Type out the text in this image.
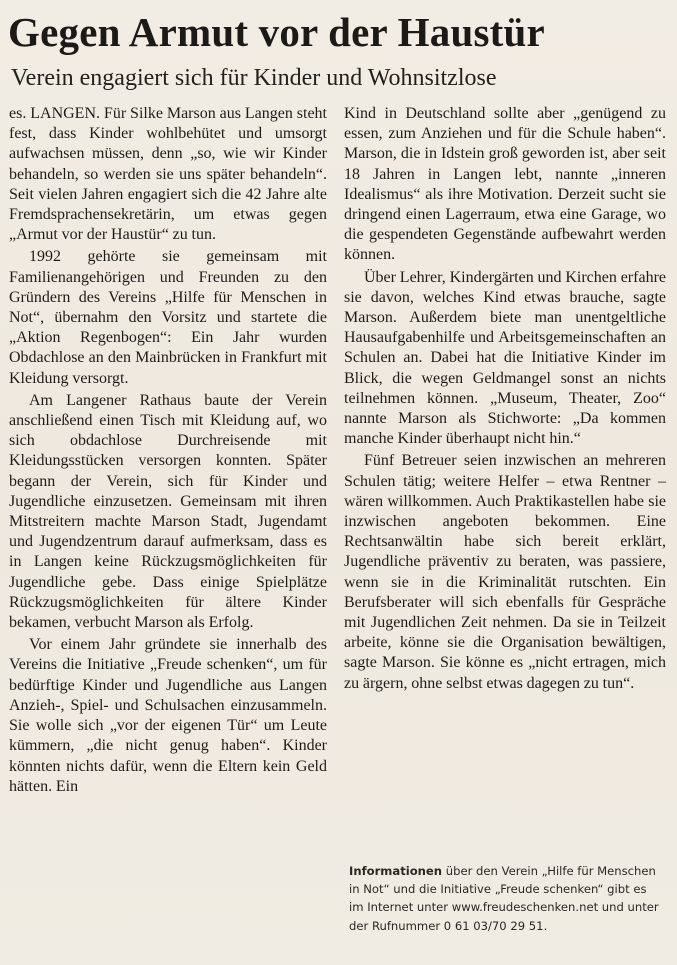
Gegen Armut vor der Haustür
Verein engagiert sich für Kinder und Wohnsitzlose

es. LANGEN. Für Silke Marson aus Langen steht fest, dass Kinder wohlbehütet und umsorgt aufwachsen müssen, denn „so, wie wir Kinder behandeln, so werden sie uns später behandeln“. Seit vielen Jahren engagiert sich die 42 Jahre alte Fremdsprachensekretärin, um etwas gegen „Armut vor der Haustür“ zu tun.

1992 gehörte sie gemeinsam mit Familienangehörigen und Freunden zu den Gründern des Vereins „Hilfe für Menschen in Not“, übernahm den Vorsitz und startete die „Aktion Regenbogen“: Ein Jahr wurden Obdachlose an den Mainbrücken in Frankfurt mit Kleidung versorgt.

Am Langener Rathaus baute der Verein anschließend einen Tisch mit Kleidung auf, wo sich obdachlose Durchreisende mit Kleidungsstücken versorgen konnten. Später begann der Verein, sich für Kinder und Jugendliche einzusetzen. Gemeinsam mit ihren Mitstreitern machte Marson Stadt, Jugendamt und Jugendzentrum darauf aufmerksam, dass es in Langen keine Rückzugsmöglichkeiten für Jugendliche gebe. Dass einige Spielplätze Rückzugsmöglichkeiten für ältere Kinder bekamen, verbucht Marson als Erfolg.

Vor einem Jahr gründete sie innerhalb des Vereins die Initiative „Freude schenken“, um für bedürftige Kinder und Jugendliche aus Langen Anzieh-, Spiel- und Schulsachen einzusammeln. Sie wolle sich „vor der eigenen Tür“ um Leute kümmern, „die nicht genug haben“. Kinder könnten nichts dafür, wenn die Eltern kein Geld hätten. Ein

Kind in Deutschland sollte aber „genügend zu essen, zum Anziehen und für die Schule haben“. Marson, die in Idstein groß geworden ist, aber seit 18 Jahren in Langen lebt, nannte „inneren Idealismus“ als ihre Motivation. Derzeit sucht sie dringend einen Lagerraum, etwa eine Garage, wo die gespendeten Gegenstände aufbewahrt werden können.

Über Lehrer, Kindergärten und Kirchen erfahre sie davon, welches Kind etwas brauche, sagte Marson. Außerdem biete man unentgeltliche Hausaufgabenhilfe und Arbeitsgemeinschaften an Schulen an. Dabei hat die Initiative Kinder im Blick, die wegen Geldmangel sonst an nichts teilnehmen können. „Museum, Theater, Zoo“ nannte Marson als Stichworte: „Da kommen manche Kinder überhaupt nicht hin.“

Fünf Betreuer seien inzwischen an mehreren Schulen tätig; weitere Helfer – etwa Rentner – wären willkommen. Auch Praktikastellen habe sie inzwischen angeboten bekommen. Eine Rechtsanwältin habe sich bereit erklärt, Jugendliche präventiv zu beraten, was passiere, wenn sie in die Kriminalität rutschten. Ein Berufsberater will sich ebenfalls für Gespräche mit Jugendlichen Zeit nehmen. Da sie in Teilzeit arbeite, könne sie die Organisation bewältigen, sagte Marson. Sie könne es „nicht ertragen, mich zu ärgern, ohne selbst etwas dagegen zu tun“.

Informationen über den Verein „Hilfe für Menschen in Not“ und die Initiative „Freude schenken“ gibt es im Internet unter www.freudeschenken.net und unter der Rufnummer 0 61 03/70 29 51.
